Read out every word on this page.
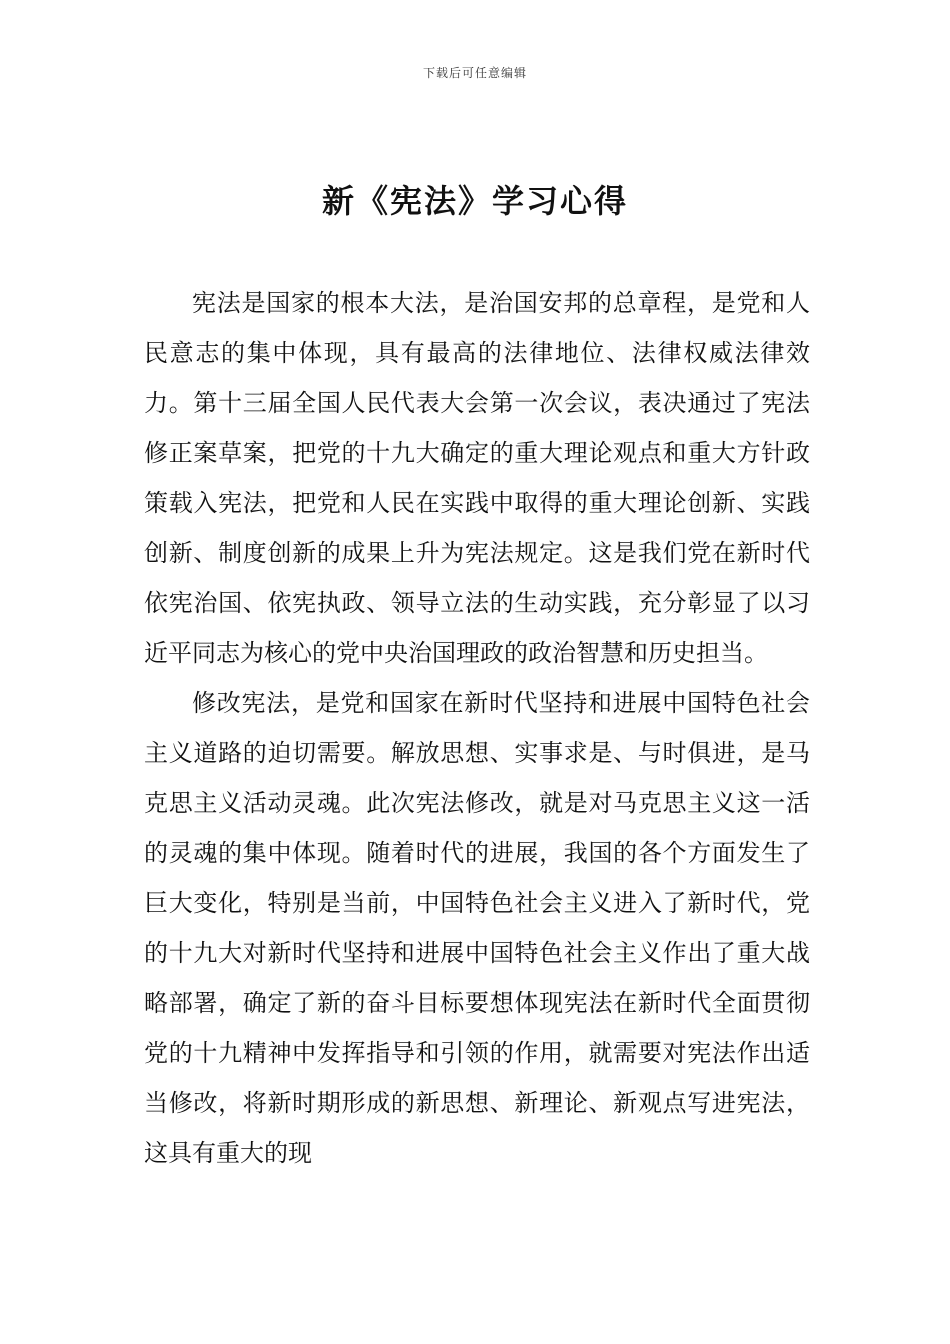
下载后可任意编辑
新《宪法》学习心得

宪法是国家的根本大法，是治国安邦的总章程，是党和人民意志的集中体现，具有最高的法律地位、法律权威法律效力。第十三届全国人民代表大会第一次会议，表决通过了宪法修正案草案，把党的十九大确定的重大理论观点和重大方针政策载入宪法，把党和人民在实践中取得的重大理论创新、实践创新、制度创新的成果上升为宪法规定。这是我们党在新时代依宪治国、依宪执政、领导立法的生动实践，充分彰显了以习近平同志为核心的党中央治国理政的政治智慧和历史担当。

修改宪法，是党和国家在新时代坚持和进展中国特色社会主义道路的迫切需要。解放思想、实事求是、与时俱进，是马克思主义活动灵魂。此次宪法修改，就是对马克思主义这一活的灵魂的集中体现。随着时代的进展，我国的各个方面发生了巨大变化，特别是当前，中国特色社会主义进入了新时代，党的十九大对新时代坚持和进展中国特色社会主义作出了重大战略部署，确定了新的奋斗目标要想体现宪法在新时代全面贯彻党的十九精神中发挥指导和引领的作用，就需要对宪法作出适当修改，将新时期形成的新思想、新理论、新观点写进宪法，这具有重大的现
